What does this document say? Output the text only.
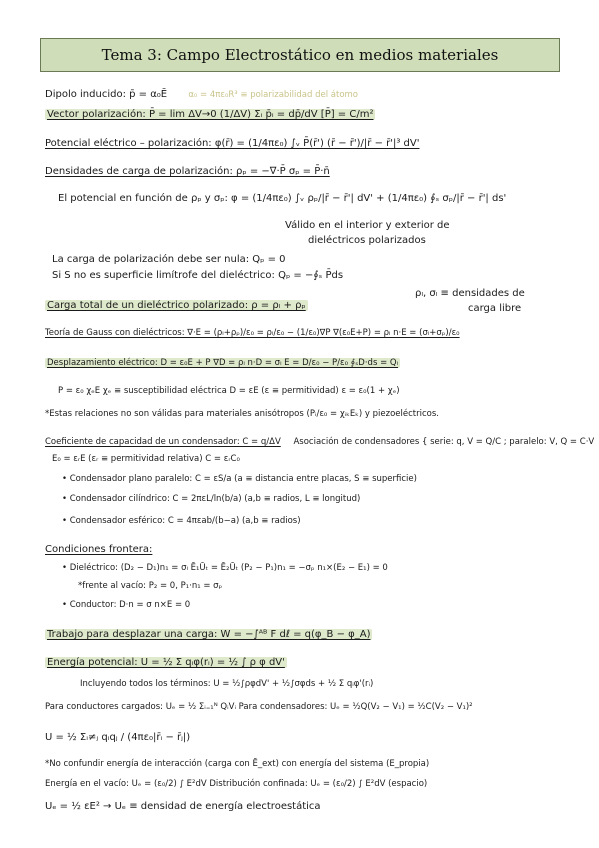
Tema 3: Campo Electrostático en medios materiales
Dipolo inducido: p̄ = α₀Ē α₀ = 4πε₀R³ ≡ polarizabilidad del átomo
Vector polarización: P̄ = lim ΔV→0 (1/ΔV) Σᵢ p̄ᵢ = dp̄/dV [P̄] = C/m²
Potencial eléctrico – polarización: φ(r̄) = (1/4πε₀) ∫ᵥ P̄(r̄') (r̄ − r̄')/|r̄ − r̄'|³ dV'
Densidades de carga de polarización: ρₚ = −∇·P̄ σₚ = P̄·n̄
El potencial en función de ρₚ y σₚ: φ = (1/4πε₀) ∫ᵥ ρₚ/|r̄ − r̄'| dV' + (1/4πε₀) ∮ₛ σₚ/|r̄ − r̄'| ds'
Válido en el interior y exterior de
dieléctricos polarizados
La carga de polarización debe ser nula: Qₚ = 0
Si S no es superficie limítrofe del dieléctrico: Qₚ = −∮ₛ P̄ds
ρₗ, σₗ ≡ densidades de
Carga total de un dieléctrico polarizado: ρ = ρₗ + ρₚ	carga libre
Teoría de Gauss con dieléctricos: ∇·E = (ρₗ+ρₚ)/ε₀ = ρₗ/ε₀ − (1/ε₀)∇P ∇(ε₀E+P) = ρₗ n·E = (σₗ+σₚ)/ε₀
Desplazamiento eléctrico: D = ε₀E + P ∇D = ρₗ n·D = σₗ E = D/ε₀ − P/ε₀ ∮ₛD·ds = Qₗ
P = ε₀ χₑE χₑ ≡ susceptibilidad eléctrica D = εE (ε ≡ permitividad) ε = ε₀(1 + χₑ)
*Estas relaciones no son válidas para materiales anisótropos (Pᵢ/ε₀ = χᵢₖEₖ) y piezoeléctricos.
Coeficiente de capacidad de un condensador: C = q/ΔV Asociación de condensadores { serie: q, V = Q/C ; paralelo: V, Q = C·V
E₀ = εᵣE (εᵣ ≡ permitividad relativa) C = εᵣC₀
• Condensador plano paralelo: C = εS/a (a ≡ distancia entre placas, S ≡ superficie)
• Condensador cilíndrico: C = 2πεL/ln(b/a) (a,b ≡ radios, L ≡ longitud)
• Condensador esférico: C = 4πεab/(b−a) (a,b ≡ radios)
Condiciones frontera:
• Dieléctrico: (D₂ − D₁)n₁ = σₗ Ē₁Ūₜ = Ē₂Ūₜ (P₂ − P₁)n₁ = −σₚ n₁×(E₂ − E₁) = 0
*frente al vacío: P₂ = 0, P₁·n₁ = σₚ
• Conductor: D·n = σ n×E = 0
Trabajo para desplazar una carga: W = −∫ᴬᴮ F dℓ = q(φ_B − φ_A)
Energía potencial: U = ½ Σ qᵢφ(rᵢ) = ½ ∫ ρ φ dV'
Incluyendo todos los términos: U = ½∫ρφdV' + ½∫σφds + ½ Σ qᵢφ'(rᵢ)
Para conductores cargados: Uₑ = ½ Σᵢ₌₁ᴺ QᵢVᵢ Para condensadores: Uₑ = ½Q(V₂ − V₁) = ½C(V₂ − V₁)²
U = ½ Σᵢ≠ⱼ qᵢqⱼ / (4πε₀|r̄ᵢ − r̄ⱼ|)
*No confundir energía de interacción (carga con Ē_ext) con energía del sistema (E_propia)
Energía en el vacío: Uₑ = (ε₀/2) ∫ E²dV Distribución confinada: Uₑ = (ε₀/2) ∫ E²dV (espacio)
Uₑ = ½ εE² → Uₑ ≡ densidad de energía electroestática
